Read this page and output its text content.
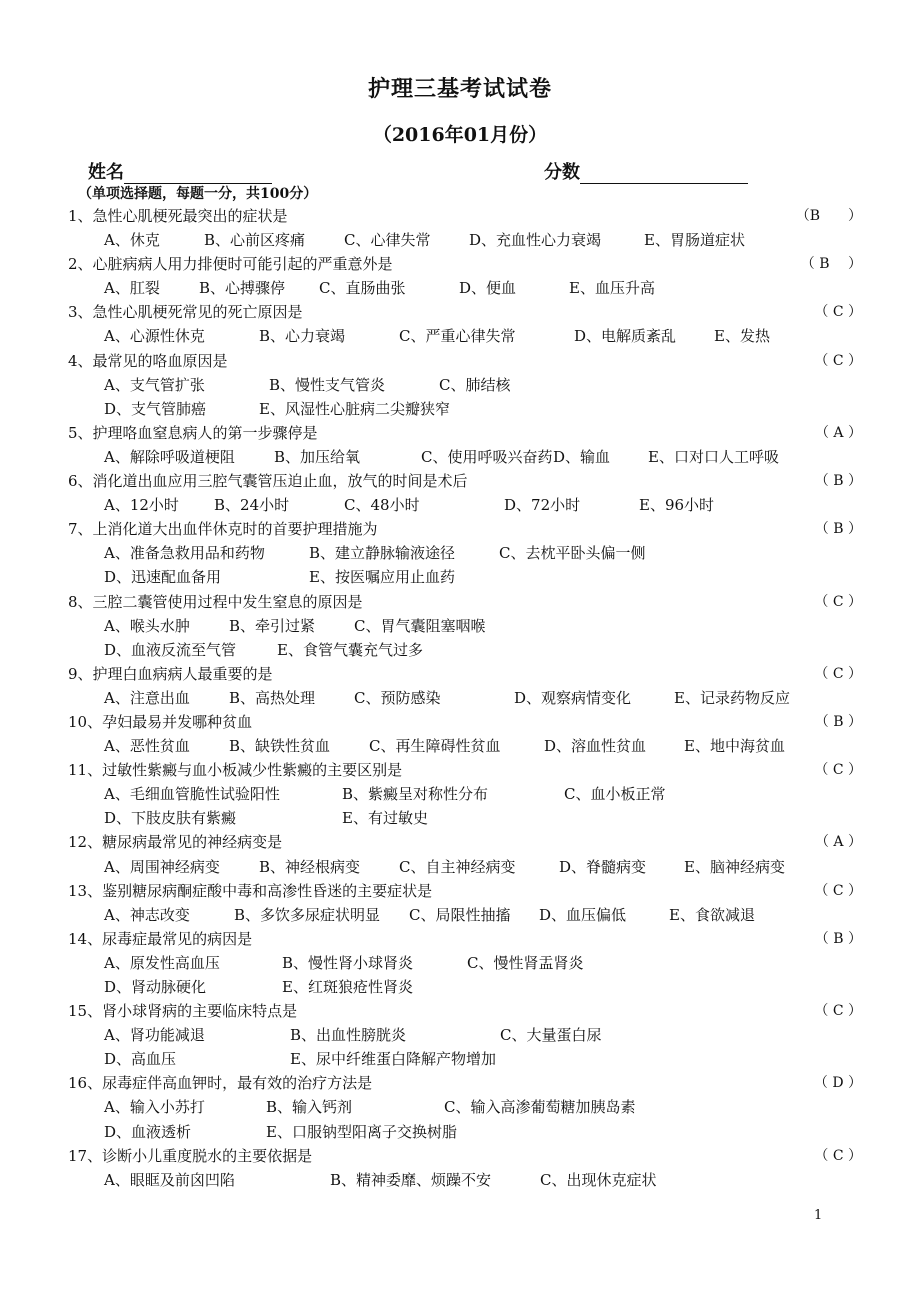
护理三基考试试卷
（2016年01月份）
姓名	分数
（单项选择题，每题一分，共100分）
1、急性心肌梗死最突出的症状是	（B　　）
A、休克	B、心前区疼痛	C、心律失常	D、充血性心力衰竭	E、胃肠道症状
2、心脏病病人用力排便时可能引起的严重意外是	（ B　 ）
A、肛裂	B、心搏骤停 C、直肠曲张	D、便血	E、血压升高
3、急性心肌梗死常见的死亡原因是	（ C ）
A、心源性休克	B、心力衰竭	C、严重心律失常	D、电解质紊乱	E、发热
4、最常见的咯血原因是	（ C ）
A、支气管扩张	B、慢性支气管炎	C、肺结核
D、支气管肺癌	E、风湿性心脏病二尖瓣狭窄
5、护理咯血窒息病人的第一步骤停是	（ A ）
A、解除呼吸道梗阻	B、加压给氧	C、使用呼吸兴奋药D、输血	E、口对口人工呼吸
6、消化道出血应用三腔气囊管压迫止血，放气的时间是术后	（ B ）
A、12小时 B、24小时	C、48小时	D、72小时	E、96小时
7、上消化道大出血伴休克时的首要护理措施为	（ B ）
A、准备急救用品和药物	B、建立静脉输液途径	C、去枕平卧头偏一侧
D、迅速配血备用	E、按医嘱应用止血药
8、三腔二囊管使用过程中发生窒息的原因是	（ C ）
A、喉头水肿	B、牵引过紧	C、胃气囊阻塞咽喉
D、血液反流至气管	E、食管气囊充气过多
9、护理白血病病人最重要的是	（ C ）
A、注意出血	B、高热处理	C、预防感染	D、观察病情变化	E、记录药物反应
10、孕妇最易并发哪种贫血	（ B ）
A、恶性贫血	B、缺铁性贫血	C、再生障碍性贫血	D、溶血性贫血	E、地中海贫血
11、过敏性紫癜与血小板减少性紫癜的主要区别是	（ C ）
A、毛细血管脆性试验阳性	B、紫癜呈对称性分布	C、血小板正常
D、下肢皮肤有紫癜	E、有过敏史
12、糖尿病最常见的神经病变是	（ A ）
A、周围神经病变	B、神经根病变	C、自主神经病变	D、脊髓病变	E、脑神经病变
13、鉴别糖尿病酮症酸中毒和高渗性昏迷的主要症状是	（ C ）
A、神志改变	B、多饮多尿症状明显 C、局限性抽搐 D、血压偏低	E、食欲减退
14、尿毒症最常见的病因是	（ B ）
A、原发性高血压	B、慢性肾小球肾炎	C、慢性肾盂肾炎
D、肾动脉硬化	E、红斑狼疮性肾炎
15、肾小球肾病的主要临床特点是	（ C ）
A、肾功能减退	B、出血性膀胱炎	C、大量蛋白尿
D、高血压	E、尿中纤维蛋白降解产物增加
16、尿毒症伴高血钾时，最有效的治疗方法是	（ D ）
A、输入小苏打	B、输入钙剂	C、输入高渗葡萄糖加胰岛素
D、血液透析	E、口服钠型阳离子交换树脂
17、诊断小儿重度脱水的主要依据是	（ C ）
A、眼眶及前囟凹陷	B、精神委靡、烦躁不安	C、出现休克症状
1
